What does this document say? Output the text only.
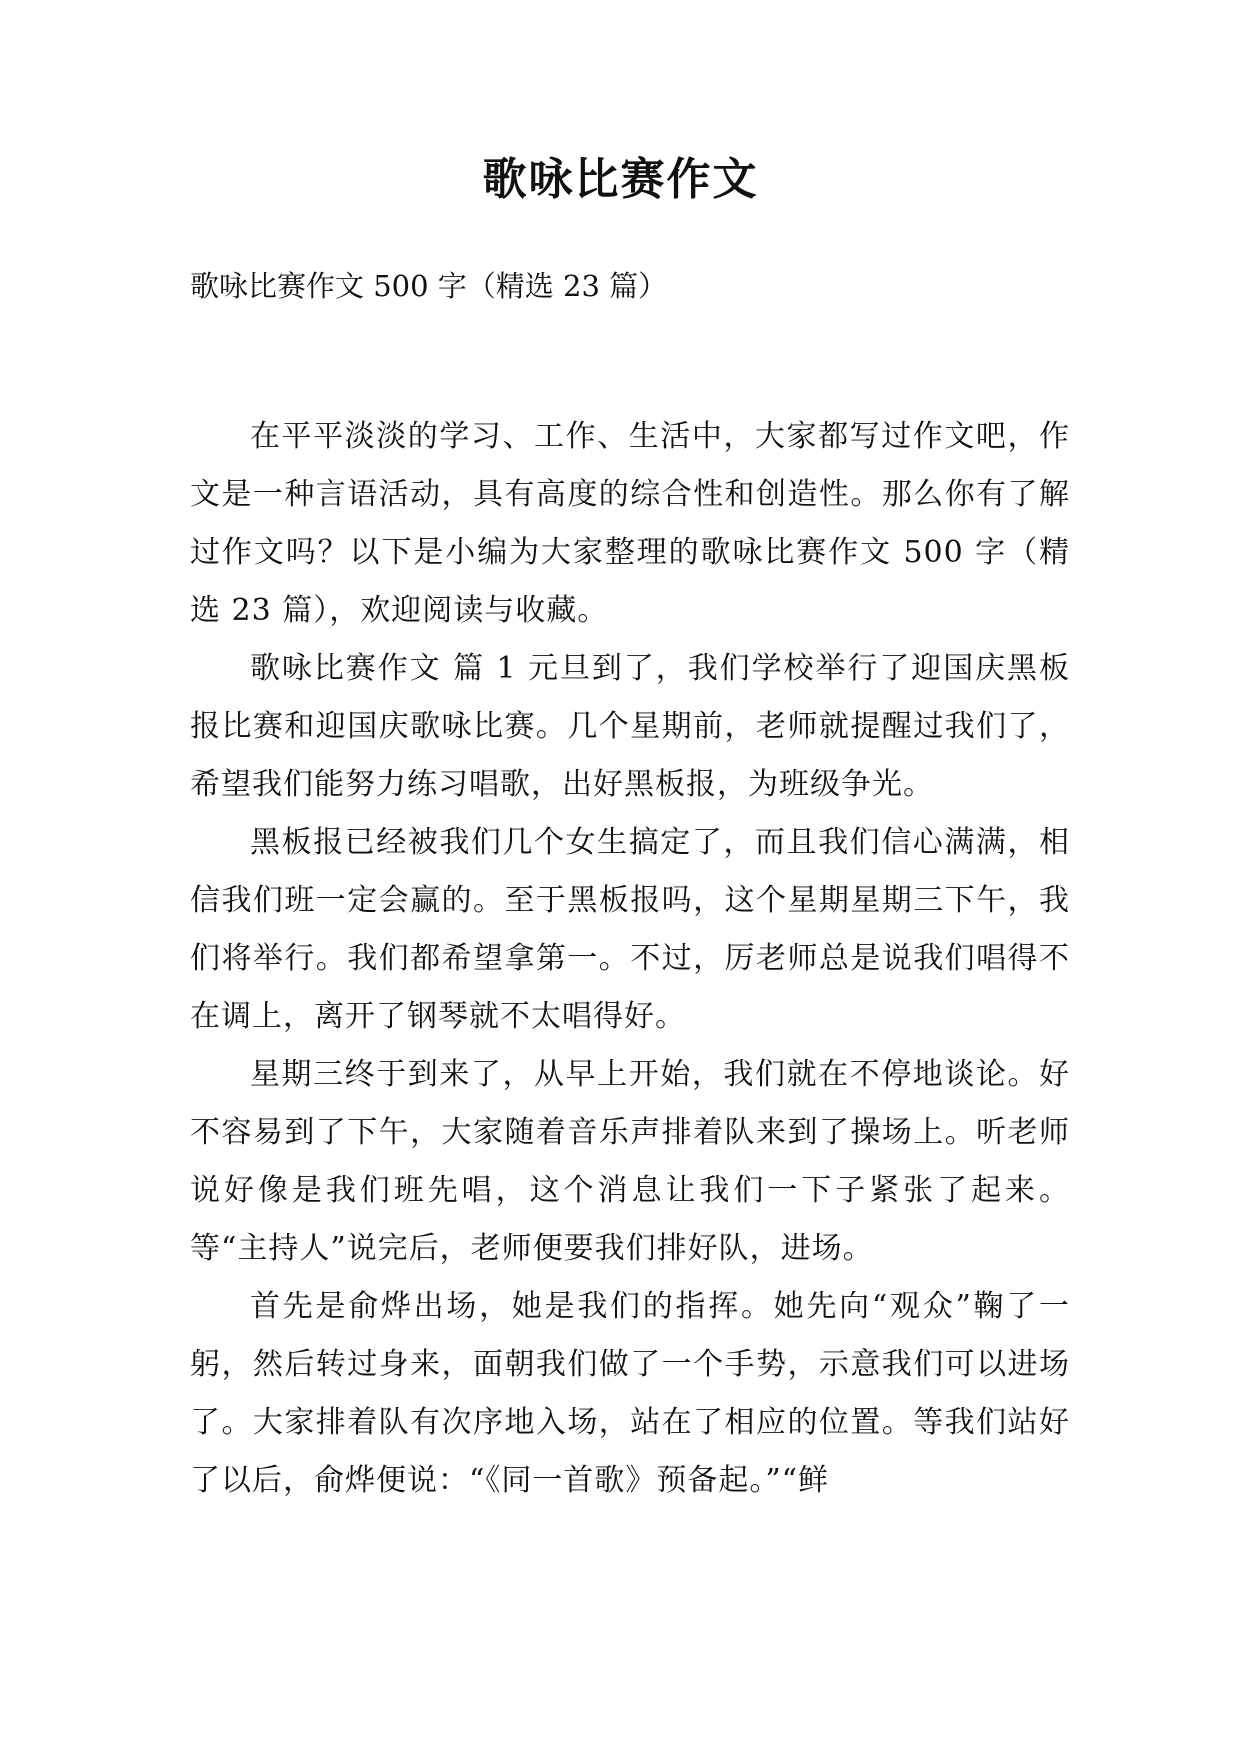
歌咏比赛作文
歌咏比赛作文 500 字（精选 23 篇）

在平平淡淡的学习、工作、生活中，大家都写过作文吧，作文是一种言语活动，具有高度的综合性和创造性。那么你有了解过作文吗？以下是小编为大家整理的歌咏比赛作文 500 字（精选 23 篇），欢迎阅读与收藏。

歌咏比赛作文 篇 1 元旦到了，我们学校举行了迎国庆黑板报比赛和迎国庆歌咏比赛。几个星期前，老师就提醒过我们了，希望我们能努力练习唱歌，出好黑板报，为班级争光。

黑板报已经被我们几个女生搞定了，而且我们信心满满，相信我们班一定会赢的。至于黑板报吗，这个星期星期三下午，我们将举行。我们都希望拿第一。不过，厉老师总是说我们唱得不在调上，离开了钢琴就不太唱得好。

星期三终于到来了，从早上开始，我们就在不停地谈论。好不容易到了下午，大家随着音乐声排着队来到了操场上。听老师说好像是我们班先唱，这个消息让我们一下子紧张了起来。等“主持人”说完后，老师便要我们排好队，进场。

首先是俞烨出场，她是我们的指挥。她先向“观众”鞠了一躬，然后转过身来，面朝我们做了一个手势，示意我们可以进场了。大家排着队有次序地入场，站在了相应的位置。等我们站好了以后，俞烨便说：“《同一首歌》预备起。”“鲜
